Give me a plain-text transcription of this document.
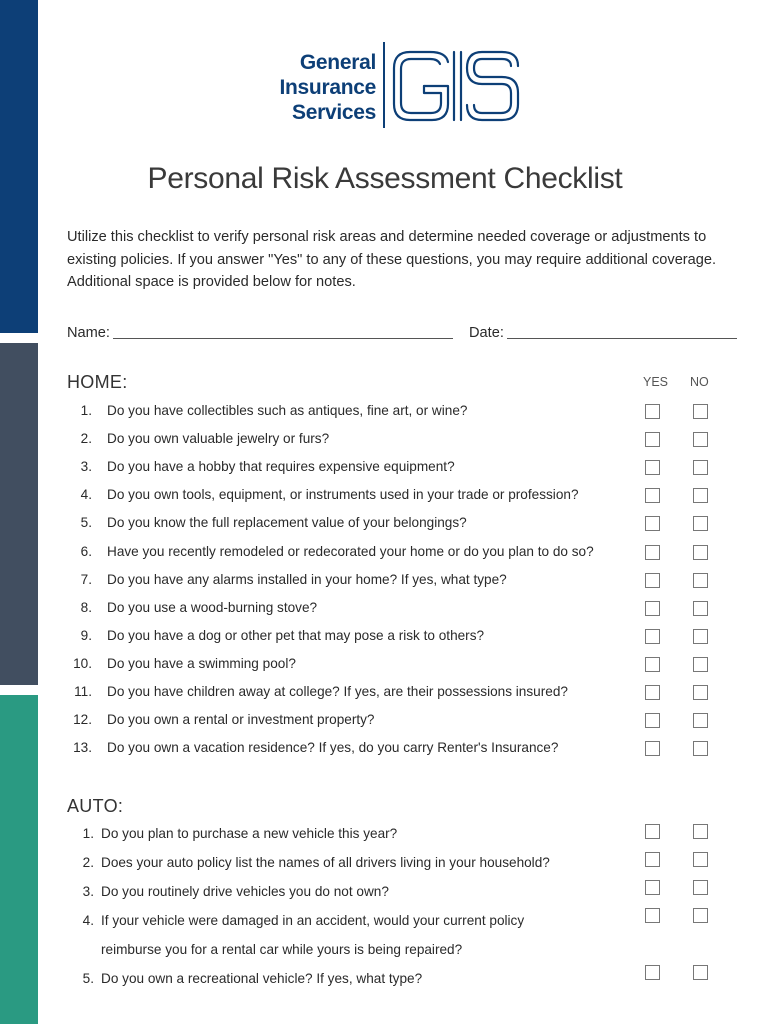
General
Insurance
Services
Personal Risk Assessment Checklist
Utilize this checklist to verify personal risk areas and determine needed coverage or adjustments to existing policies. If you answer "Yes" to any of these questions, you may require additional coverage. Additional space is provided below for notes.
Name:	Date:
HOME:	YES NO
1. Do you have collectibles such as antiques, fine art, or wine?
2. Do you own valuable jewelry or furs?
3. Do you have a hobby that requires expensive equipment?
4. Do you own tools, equipment, or instruments used in your trade or profession?
5. Do you know the full replacement value of your belongings?
6. Have you recently remodeled or redecorated your home or do you plan to do so?
7. Do you have any alarms installed in your home? If yes, what type?
8. Do you use a wood-burning stove?
9. Do you have a dog or other pet that may pose a risk to others?
10. Do you have a swimming pool?
11. Do you have children away at college? If yes, are their possessions insured?
12. Do you own a rental or investment property?
13. Do you own a vacation residence? If yes, do you carry Renter's Insurance?
AUTO:
1. Do you plan to purchase a new vehicle this year?
2. Does your auto policy list the names of all drivers living in your household?
3. Do you routinely drive vehicles you do not own?
4. If your vehicle were damaged in an accident, would your current policy
reimburse you for a rental car while yours is being repaired?
5. Do you own a recreational vehicle? If yes, what type?
